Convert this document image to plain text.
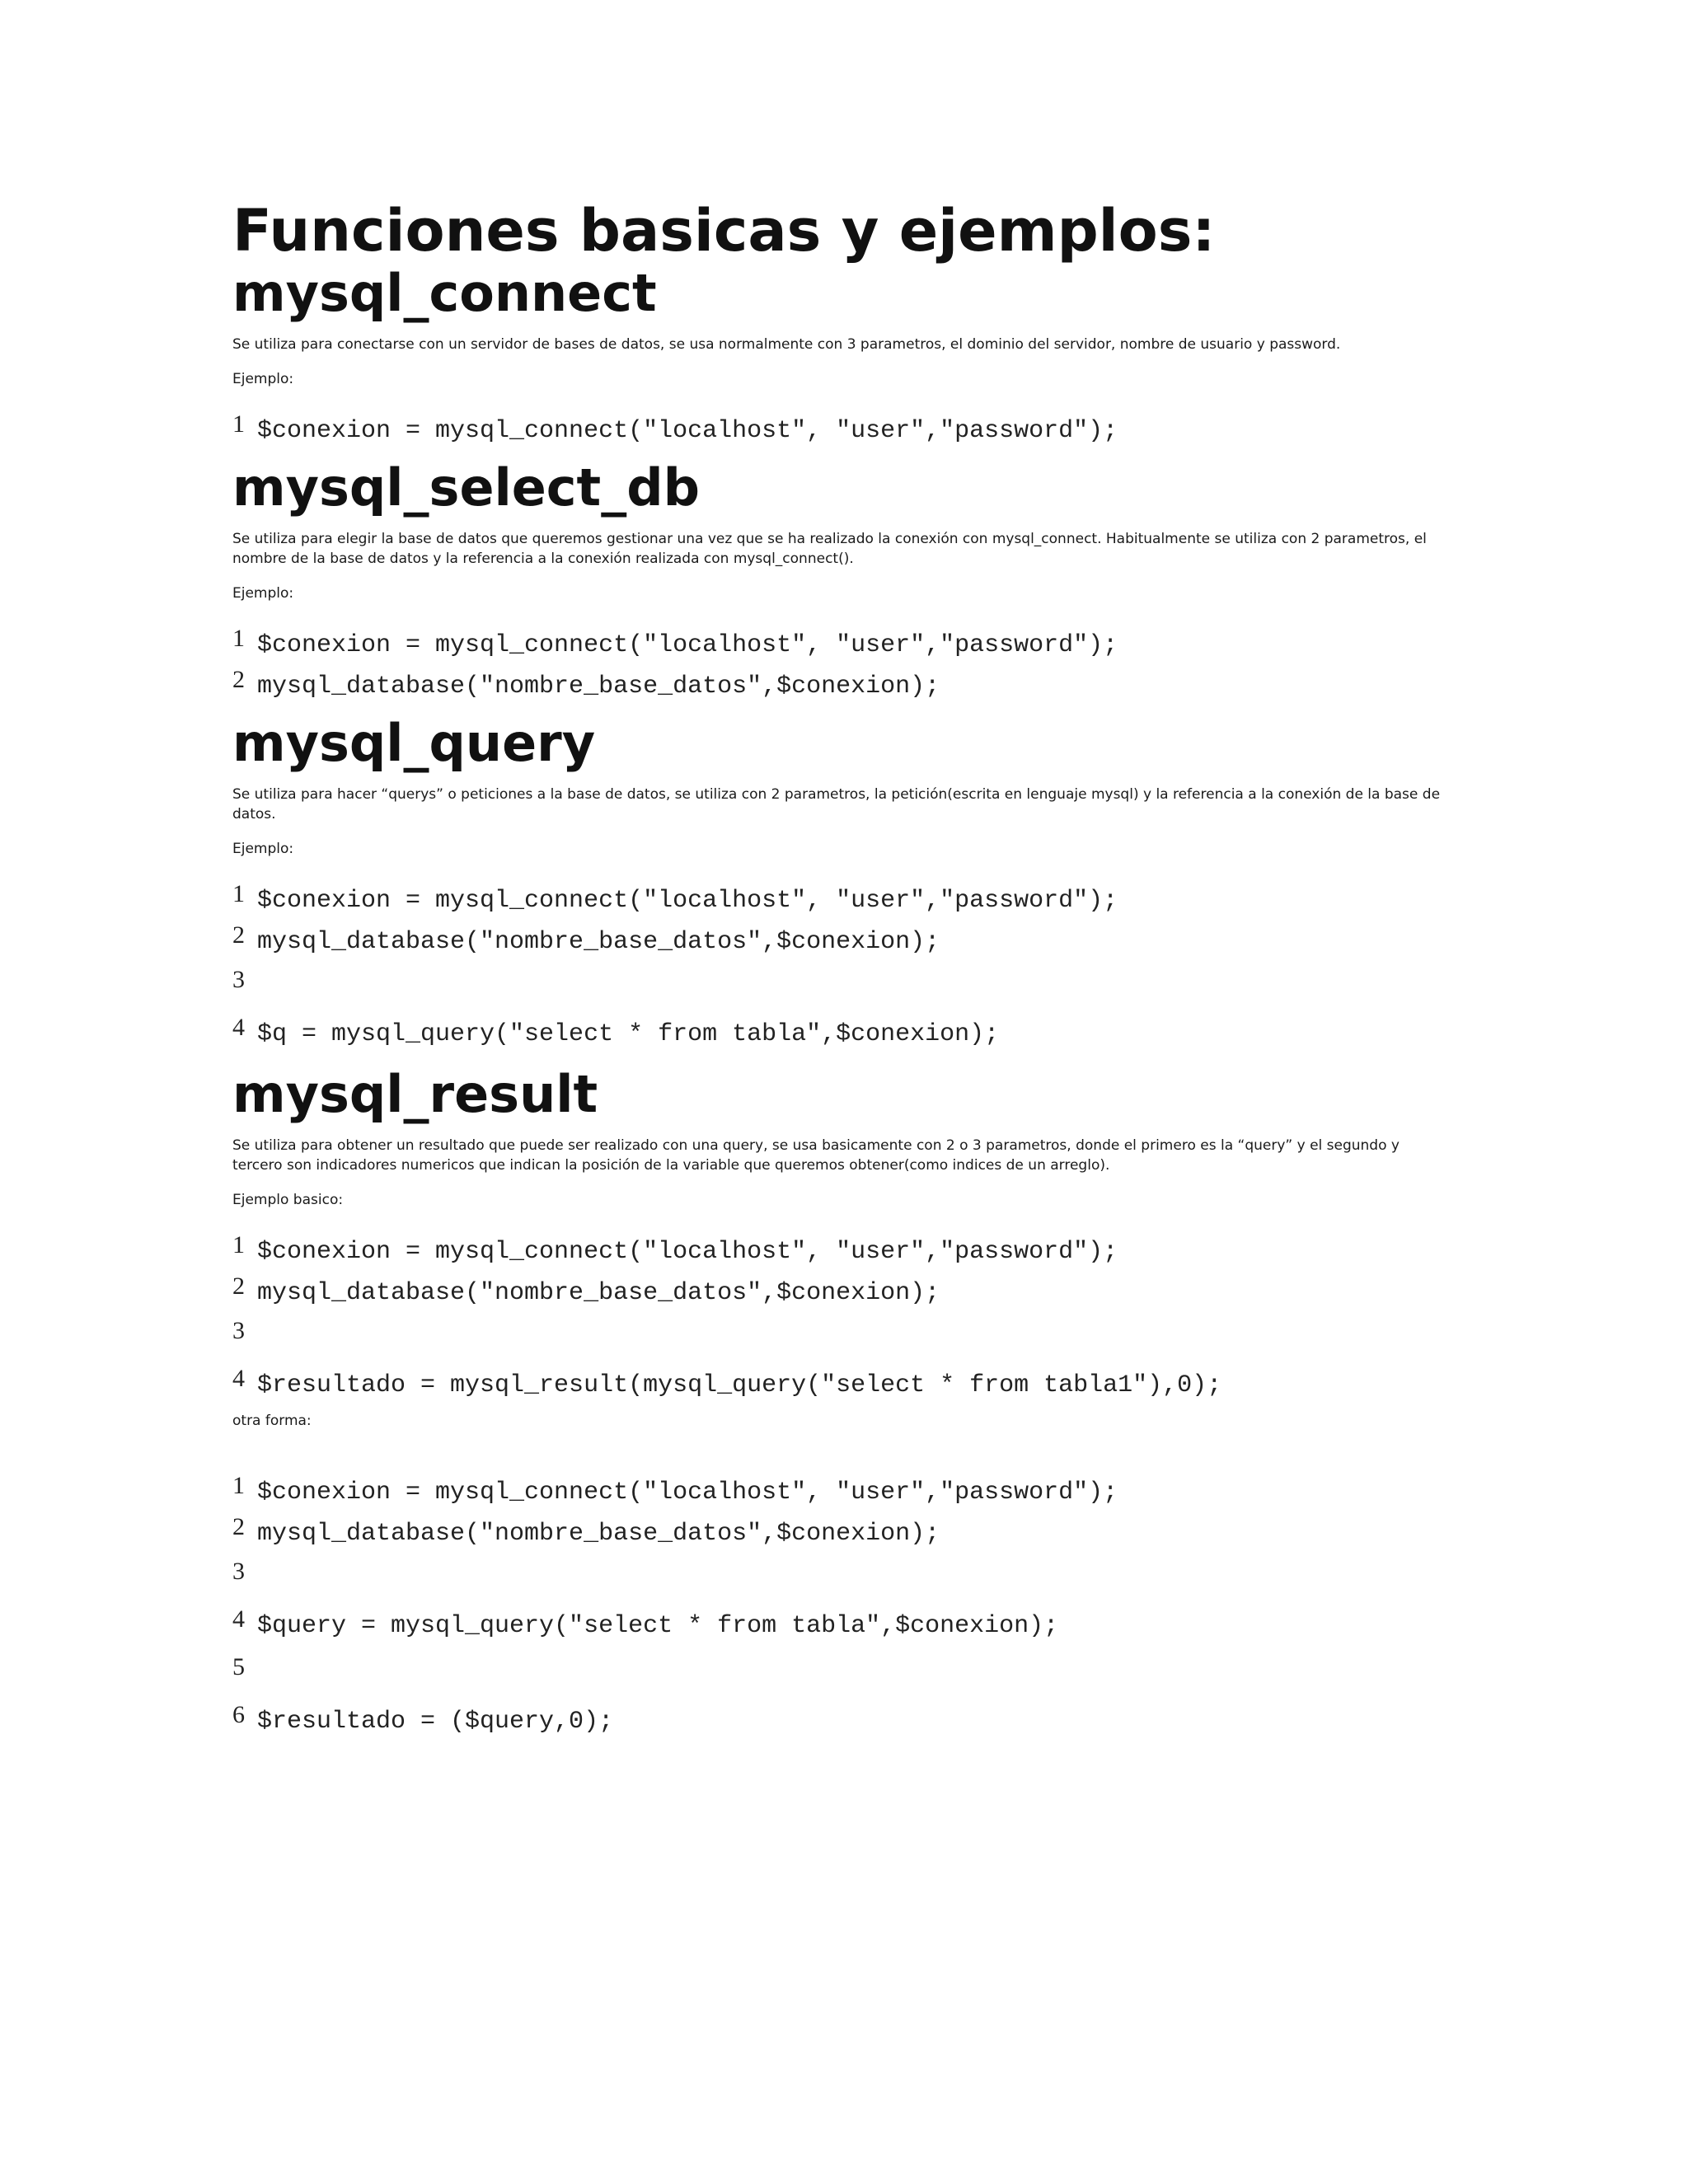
Funciones basicas y ejemplos:
mysql_connect

Se utiliza para conectarse con un servidor de bases de datos, se usa normalmente con 3 parametros, el dominio del servidor, nombre de usuario y password.

Ejemplo:

1 $conexion = mysql_connect("localhost", "user","password");
mysql_select_db

Se utiliza para elegir la base de datos que queremos gestionar una vez que se ha realizado la conexión con mysql_connect. Habitualmente se utiliza con 2 parametros, el nombre de la base de datos y la referencia a la conexión realizada con mysql_connect().

Ejemplo:

1 $conexion = mysql_connect("localhost", "user","password");
2 mysql_database("nombre_base_datos",$conexion);
mysql_query

Se utiliza para hacer “querys” o peticiones a la base de datos, se utiliza con 2 parametros, la petición(escrita en lenguaje mysql) y la referencia a la conexión de la base de datos.

Ejemplo:

1 $conexion = mysql_connect("localhost", "user","password");
2 mysql_database("nombre_base_datos",$conexion);
3
4 $q = mysql_query("select * from tabla",$conexion);
mysql_result

Se utiliza para obtener un resultado que puede ser realizado con una query, se usa basicamente con 2 o 3 parametros, donde el primero es la “query” y el segundo y tercero son indicadores numericos que indican la posición de la variable que queremos obtener(como indices de un arreglo).

Ejemplo basico:

1 $conexion = mysql_connect("localhost", "user","password");
2 mysql_database("nombre_base_datos",$conexion);
3
4 $resultado = mysql_result(mysql_query("select * from tabla1"),0);

otra forma:

1 $conexion = mysql_connect("localhost", "user","password");
2 mysql_database("nombre_base_datos",$conexion);
3
4 $query = mysql_query("select * from tabla",$conexion);
5
6 $resultado = ($query,0);
